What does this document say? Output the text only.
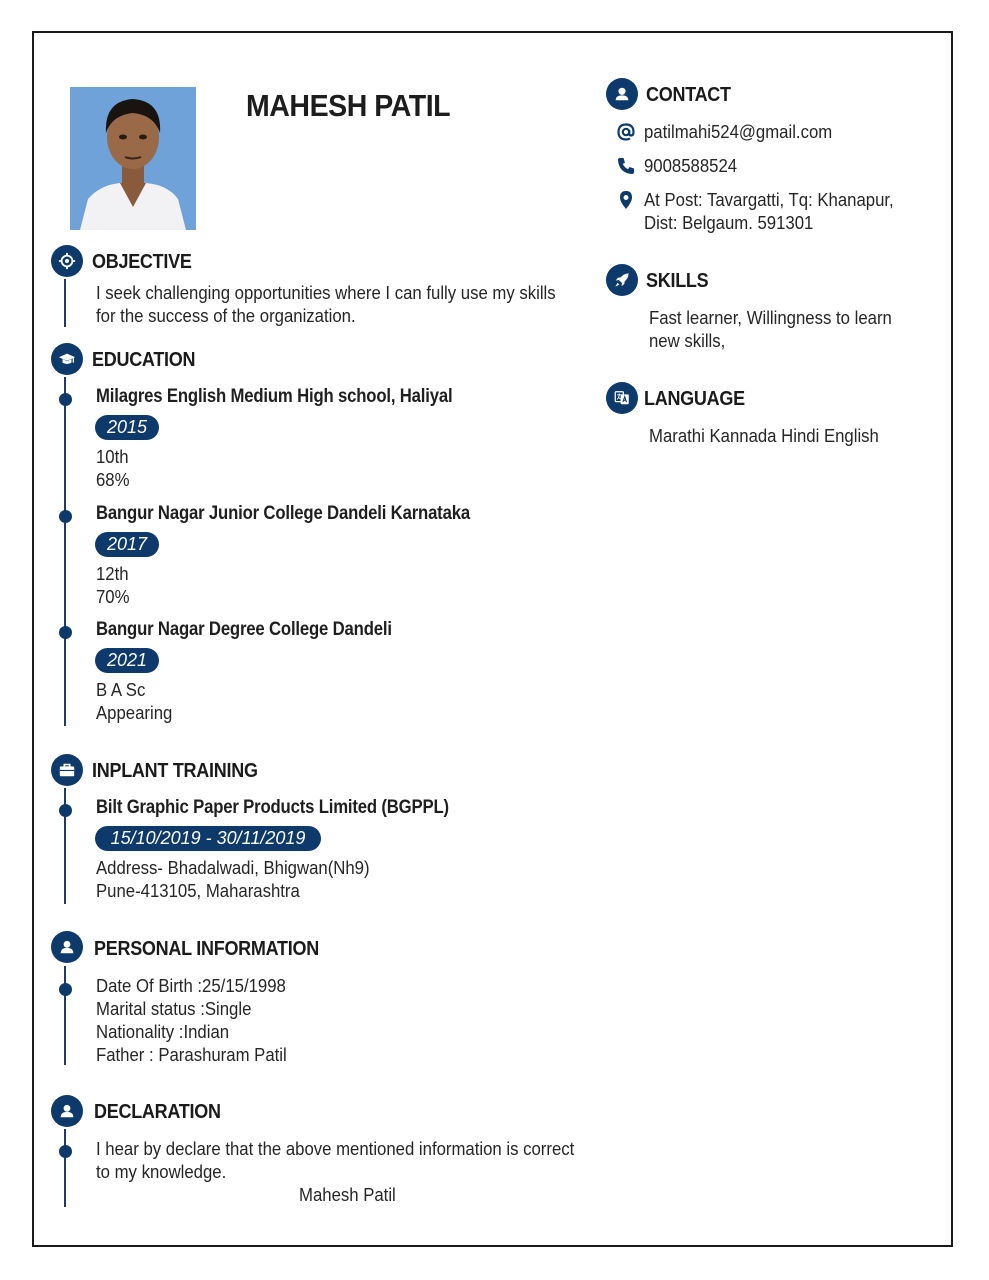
MAHESH PATIL
OBJECTIVE
I seek challenging opportunities where I can fully use my skills
for the success of the organization.
EDUCATION
Milagres English Medium High school, Haliyal
2015
10th
68%
Bangur Nagar Junior College Dandeli Karnataka
2017
12th
70%
Bangur Nagar Degree College Dandeli
2021
B A Sc
Appearing
INPLANT TRAINING
Bilt Graphic Paper Products Limited (BGPPL)
15/10/2019 - 30/11/2019
Address- Bhadalwadi, Bhigwan(Nh9)
Pune-413105, Maharashtra
PERSONAL INFORMATION
Date Of Birth :25/15/1998
Marital status :Single
Nationality :Indian
Father : Parashuram Patil
DECLARATION
I hear by declare that the above mentioned information is correct
to my knowledge.
Mahesh Patil
CONTACT
patilmahi524@gmail.com
9008588524
At Post: Tavargatti, Tq: Khanapur,
Dist: Belgaum. 591301
SKILLS
Fast learner, Willingness to learn
new skills,
LANGUAGE
Marathi Kannada Hindi English
